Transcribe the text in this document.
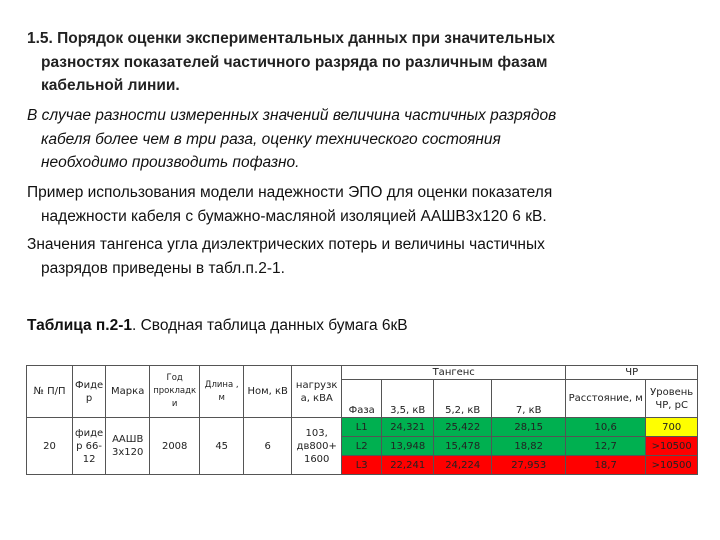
1.5. Порядок оценки экспериментальных данных при значительных
разностях показателей частичного разряда по различным фазам
кабельной линии.
В случае разности измеренных значений величина частичных разрядов
кабеля более чем в три раза, оценку технического состояния
необходимо производить пофазно.
Пример использования модели надежности ЭПО для оценки показателя
надежности кабеля с бумажно-масляной изоляцией ААШВ3х120 6 кВ.
Значения тангенса угла диэлектрических потерь и величины частичных
разрядов приведены в табл.п.2-1.
Таблица п.2-1. Сводная таблица данных бумага 6кВ
№ П/П	Фиде р	Марка	Год прокладк и	Длина , м	Ном, кВ	нагрузк а, кВА	Тангенс				ЧР	
							Фаза	3,5, кВ	5,2, кВ	7, кВ	Расстояние, м	Уровень ЧР, рС
20	фиде р 66-12	ААШВ 3х120	2008	45	6	103, дв800+ 1600	L1	24,321	25,422	28,15	10,6	700
							L2	13,948	15,478	18,82	12,7	>10500
							L3	22,241	24,224	27,953	18,7	>10500
